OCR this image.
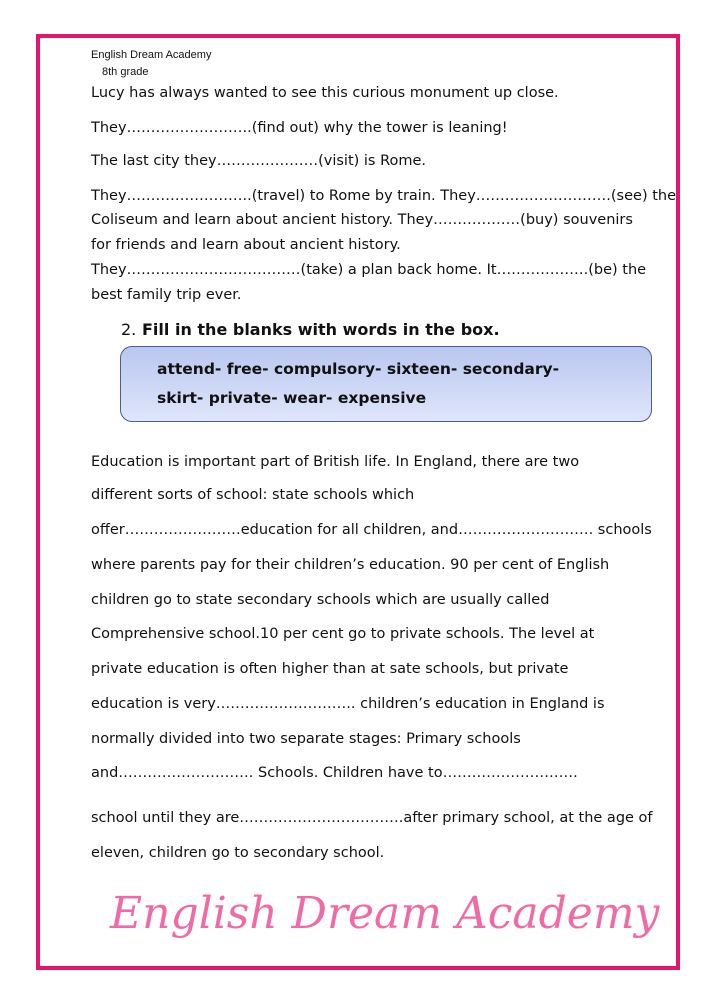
English Dream Academy
8th grade
Lucy has always wanted to see this curious monument up close.
They……………………..(find out) why the tower is leaning!
The last city they…………………(visit) is Rome.
They……………………..(travel) to Rome by train. They……………………….(see) the
Coliseum and learn about ancient history. They………………(buy) souvenirs
for friends and learn about ancient history.
They………………………………(take) a plan back home. It……………….(be) the
best family trip ever.
2. Fill in the blanks with words in the box.
attend- free- compulsory- sixteen- secondary-
skirt- private- wear- expensive
Education is important part of British life. In England, there are two
different sorts of school: state schools which
offer……………………education for all children, and………………………. schools
where parents pay for their children’s education. 90 per cent of English
children go to state secondary schools which are usually called
Comprehensive school.10 per cent go to private schools. The level at
private education is often higher than at sate schools, but private
education is very……………………….. children’s education in England is
normally divided into two separate stages: Primary schools
and………………………. Schools. Children have to……………………….
school until they are…………………………….after primary school, at the age of
eleven, children go to secondary school.
English Dream Academy
